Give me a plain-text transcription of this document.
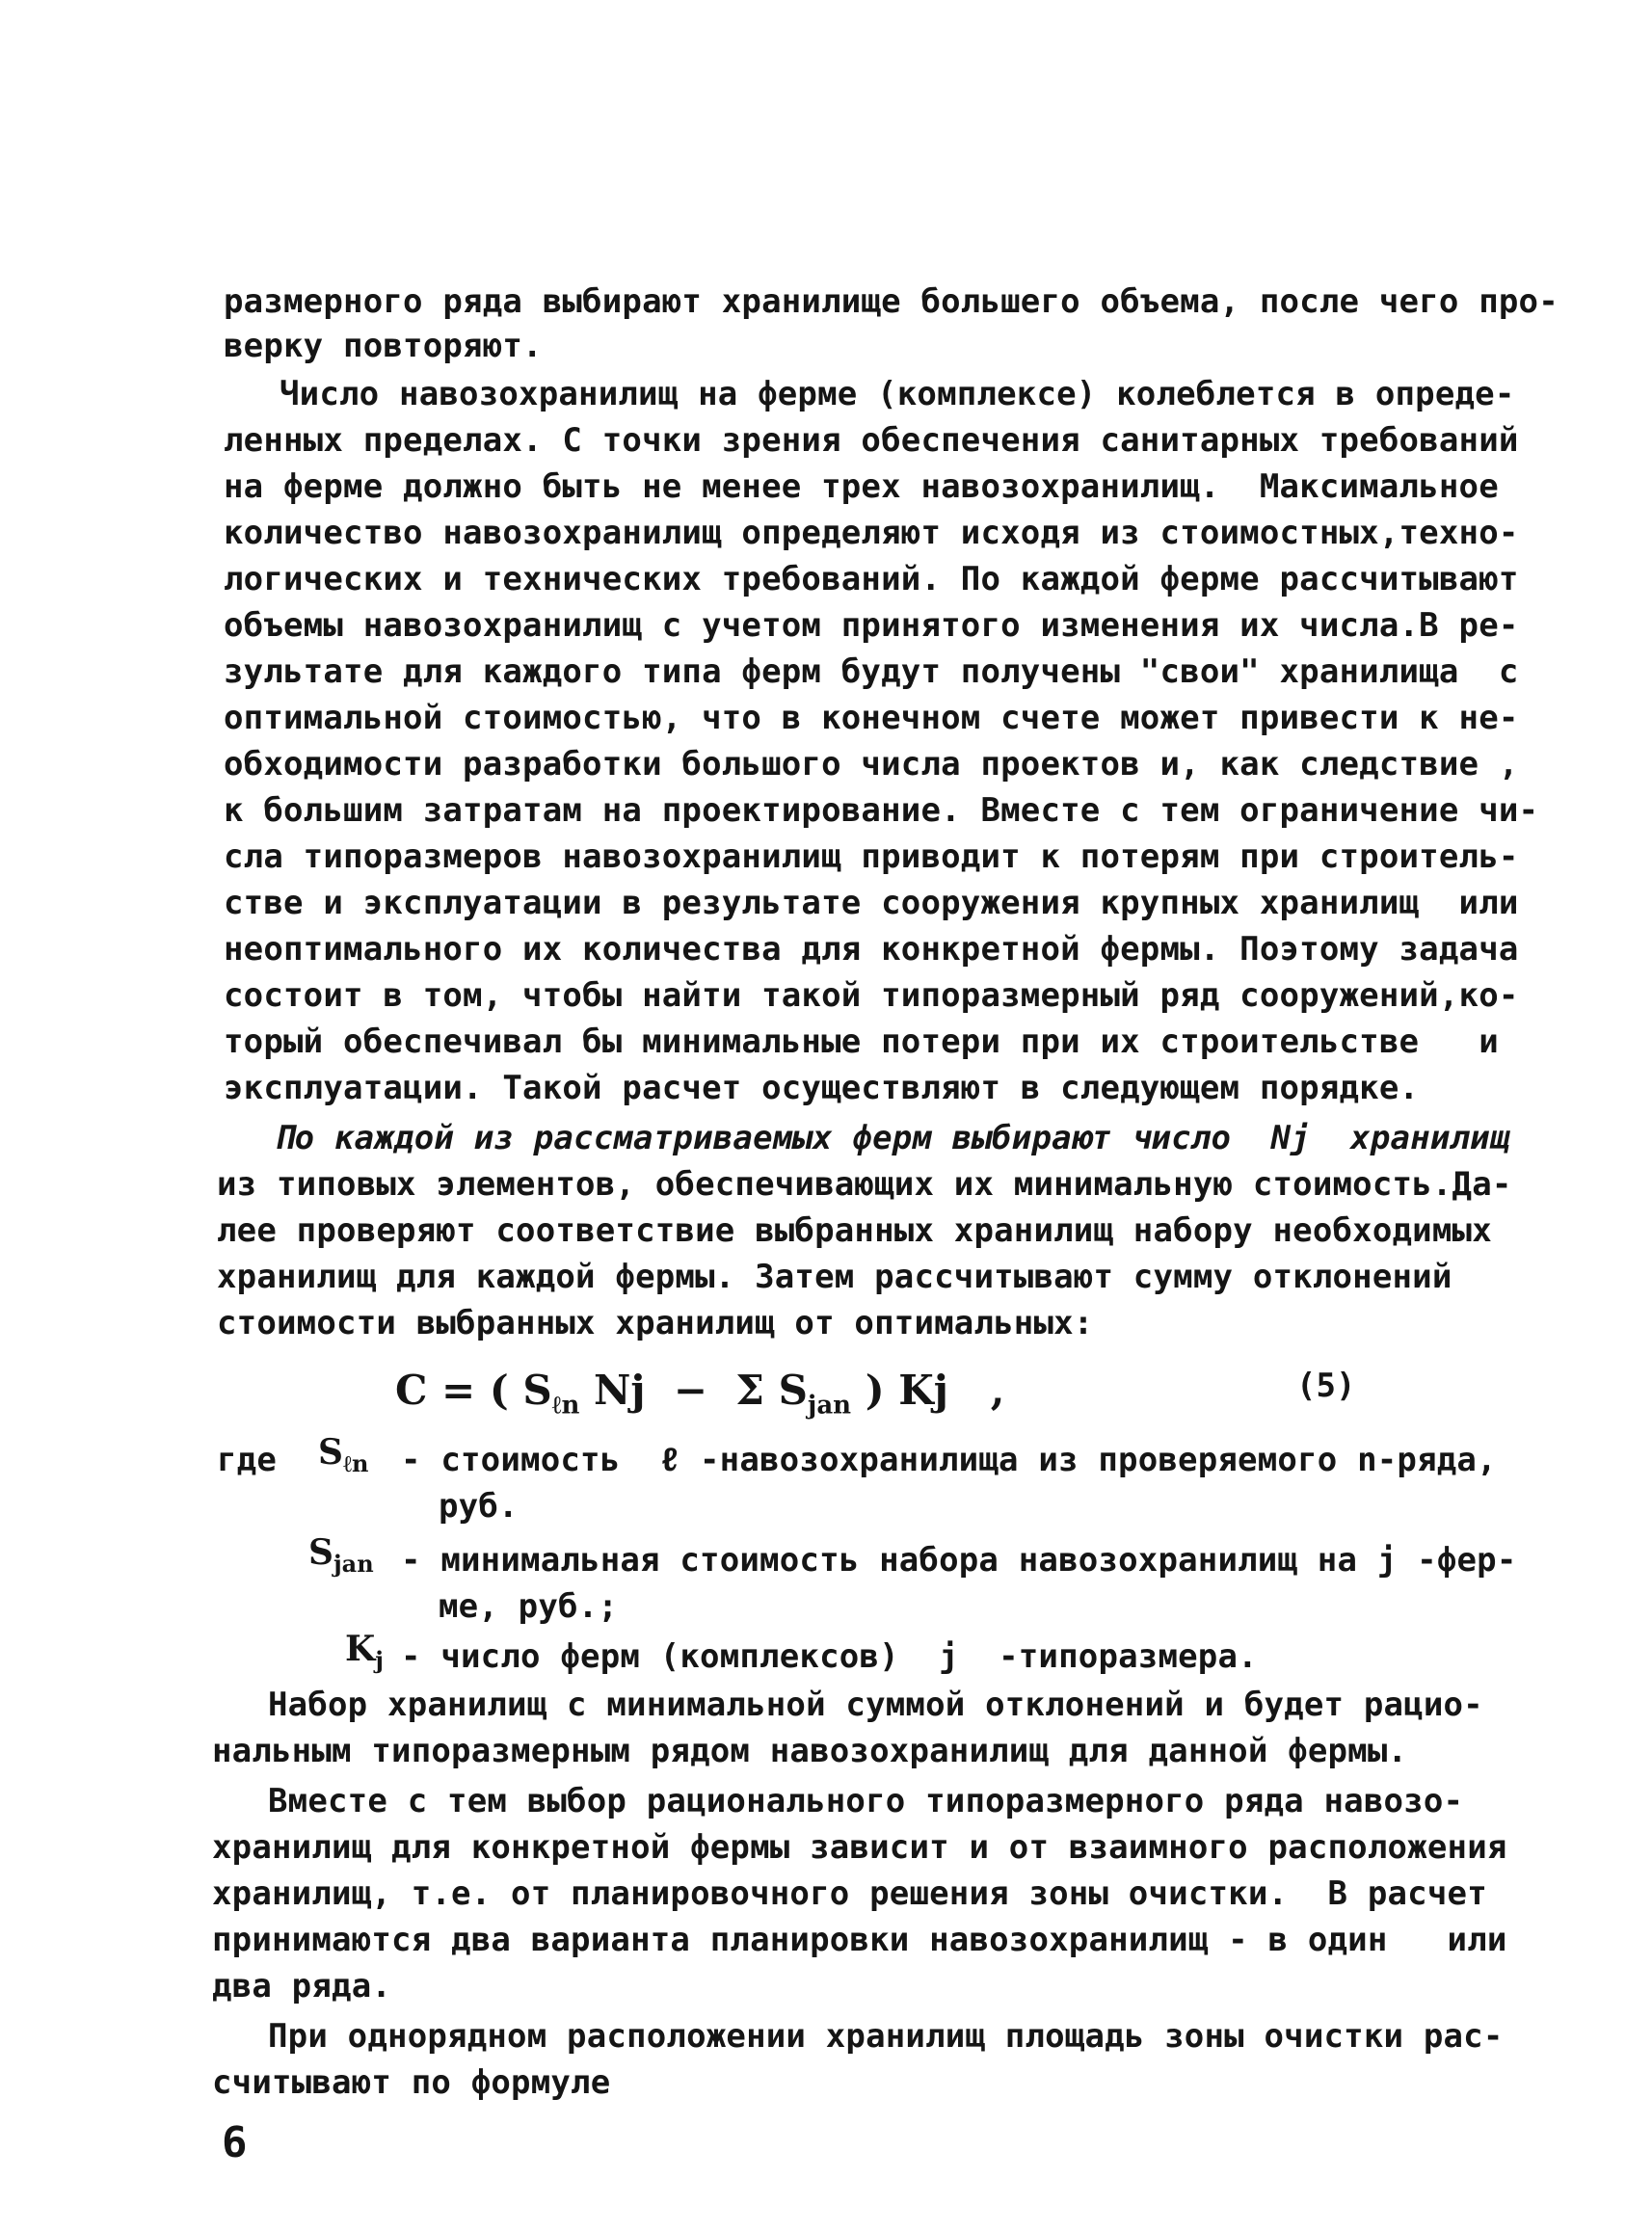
размерного ряда выбирают хранилище большего объема, после чего про-
верку повторяют.
Число навозохранилищ на ферме (комплексе) колеблется в опреде-
ленных пределах. С точки зрения обеспечения санитарных требований
на ферме должно быть не менее трех навозохранилищ.  Максимальное
количество навозохранилищ определяют исходя из стоимостных,техно-
логических и технических требований. По каждой ферме рассчитывают
объемы навозохранилищ с учетом принятого изменения их числа.В ре-
зультате для каждого типа ферм будут получены "свои" хранилища  с
оптимальной стоимостью, что в конечном счете может привести к не-
обходимости разработки большого числа проектов и, как следствие ,
к большим затратам на проектирование. Вместе с тем ограничение чи-
сла типоразмеров навозохранилищ приводит к потерям при строитель-
стве и эксплуатации в результате сооружения крупных хранилищ  или
неоптимального их количества для конкретной фермы. Поэтому задача
состоит в том, чтобы найти такой типоразмерный ряд сооружений,ко-
торый обеспечивал бы минимальные потери при их строительстве   и
эксплуатации. Такой расчет осуществляют в следующем порядке.
По каждой из рассматриваемых ферм выбирают число  Nj  хранилищ
из типовых элементов, обеспечивающих их минимальную стоимость.Да-
лее проверяют соответствие выбранных хранилищ набору необходимых
хранилищ для каждой фермы. Затем рассчитывают сумму отклонений
стоимости выбранных хранилищ от оптимальных:
C = ( $S_{\ell n}$ Nj  −  Σ $S_{jan}$ ) Kj   ,	(5)
где $S_{\ell n}$ - стоимость  ℓ -навозохранилища из проверяемого n-ряда,
руб.
$S_{jan}$ - минимальная стоимость набора навозохранилищ на j -фер-
ме, руб.;
$K_j$ - число ферм (комплексов)  j  -типоразмера.
Набор хранилищ с минимальной суммой отклонений и будет рацио-
нальным типоразмерным рядом навозохранилищ для данной фермы.
Вместе с тем выбор рационального типоразмерного ряда навозо-
хранилищ для конкретной фермы зависит и от взаимного расположения
хранилищ, т.е. от планировочного решения зоны очистки.  В расчет
принимаются два варианта планировки навозохранилищ - в один   или
два ряда.
При однорядном расположении хранилищ площадь зоны очистки рас-
считывают по формуле
6
